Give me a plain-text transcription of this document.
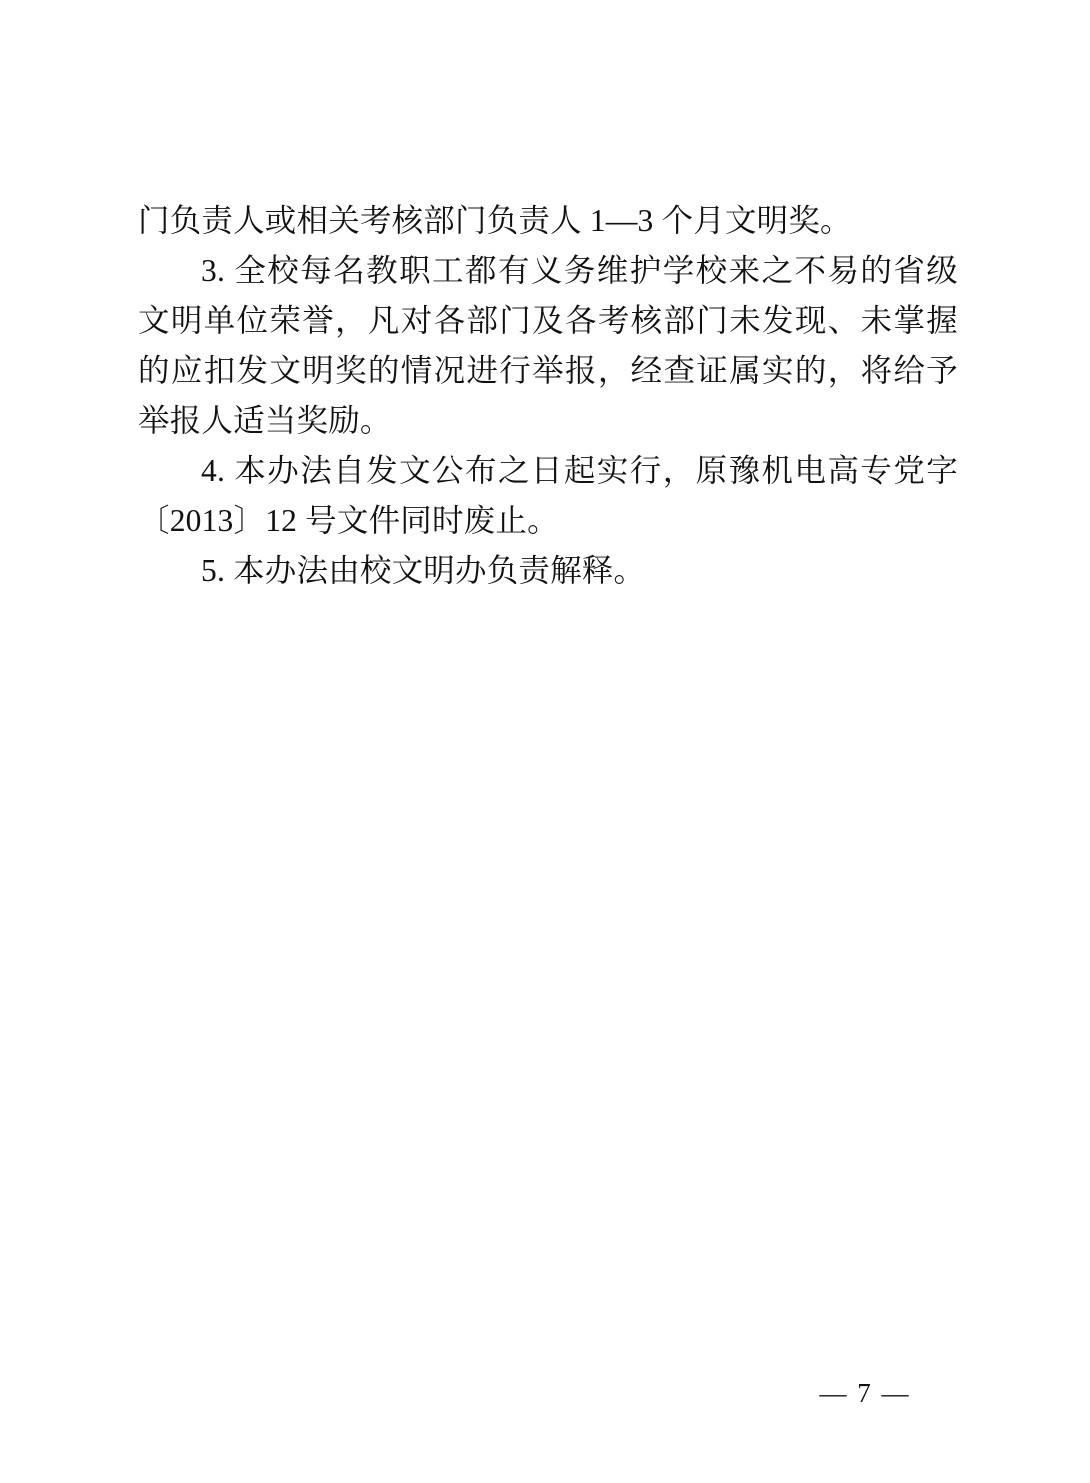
门负责人或相关考核部门负责人 1—3 个月文明奖。

3. 全校每名教职工都有义务维护学校来之不易的省级文明单位荣誉，凡对各部门及各考核部门未发现、未掌握的应扣发文明奖的情况进行举报，经查证属实的，将给予举报人适当奖励。

4. 本办法自发文公布之日起实行，原豫机电高专党字〔2013〕12 号文件同时废止。

5. 本办法由校文明办负责解释。

— 7 —
